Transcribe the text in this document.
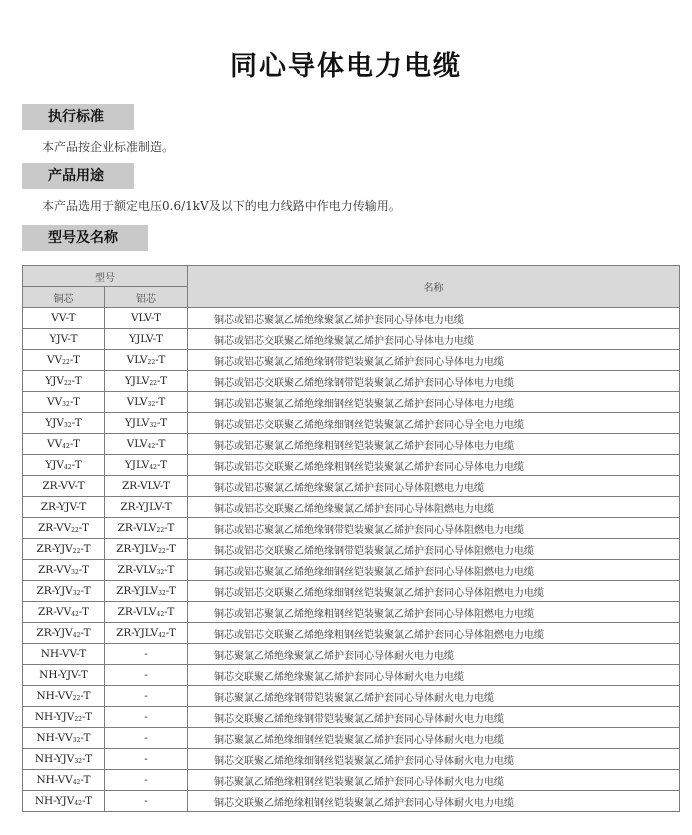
同心导体电力电缆
执行标准
本产品按企业标准制造。
产品用途
本产品选用于额定电压0.6/1kV及以下的电力线路中作电力传输用。
型号及名称
型号		名称
铜芯	铝芯	
VV-T	VLV-T	铜芯或铝芯聚氯乙烯绝缘聚氯乙烯护套同心导体电力电缆
YJV-T	YJLV-T	铜芯或铝芯交联聚乙烯绝缘聚氯乙烯护套同心导体电力电缆
$VV_{22}-T$	$VLV_{22}-T$	铜芯或铝芯聚氯乙烯绝缘钢带铠装聚氯乙烯护套同心导体电力电缆
$YJV_{22}-T$	$YJLV_{22}-T$	铜芯或铝芯交联聚乙烯绝缘钢带铠装聚氯乙烯护套同心导体电力电缆
$VV_{32}-T$	$VLV_{32}-T$	铜芯或铝芯聚氯乙烯绝缘细钢丝铠装聚氯乙烯护套同心导体电力电缆
$YJV_{32}-T$	$YJLV_{32}-T$	铜芯或铝芯交联聚乙烯绝缘细钢丝铠装聚氯乙烯护套同心导全电力电缆
$VV_{42}-T$	$VLV_{42}-T$	铜芯或铝芯聚氯乙烯绝缘粗钢丝铠装聚氯乙烯护套同心导体电力电缆
$YJV_{42}-T$	$YJLV_{42}-T$	铜芯或铝芯交联聚乙烯绝缘粗钢丝铠装聚氯乙烯护套同心导体电力电缆
ZR-VV-T	ZR-VLV-T	铜芯或铝芯聚氯乙烯绝缘聚氯乙烯护套同心导体阻燃电力电缆
ZR-YJV-T	ZR-YJLV-T	铜芯或铝芯交联聚乙烯绝缘聚氯乙烯护套同心导体阻燃电力电缆
$ZR-VV_{22}-T$	$ZR-VLV_{22}-T$	铜芯或铝芯聚氯乙烯绝缘钢带铠装聚氯乙烯护套同心导体阻燃电力电缆
$ZR-YJV_{22}-T$	$ZR-YJLV_{22}-T$	铜芯或铝芯交联聚乙烯绝缘钢带铠装聚氯乙烯护套同心导体阻燃电力电缆
$ZR-VV_{32}-T$	$ZR-VLV_{32}-T$	铜芯或铝芯聚氯乙烯绝缘细钢丝铠装聚氯乙烯护套同心导体阻燃电力电缆
$ZR-YJV_{32}-T$	$ZR-YJLV_{32}-T$	铜芯或铝芯交联聚乙烯绝缘细钢丝铠装聚氯乙烯护套同心导体阻燃电力电缆
$ZR-VV_{42}-T$	$ZR-VLV_{42}-T$	铜芯或铝芯聚氯乙烯绝缘粗钢丝铠装聚氯乙烯护套同心导体阻燃电力电缆
$ZR-YJV_{42}-T$	$ZR-YJLV_{42}-T$	铜芯或铝芯交联聚乙烯绝缘粗钢丝铠装聚氯乙烯护套同心导体阻燃电力电缆
NH-VV-T	-	铜芯聚氯乙烯绝缘聚氯乙烯护套同心导体耐火电力电缆
NH-YJV-T	-	铜芯交联聚乙烯绝缘聚氯乙烯护套同心导体耐火电力电缆
$NH-VV_{22}-T$	-	铜芯聚氯乙烯绝缘钢带铠装聚氯乙烯护套同心导体耐火电力电缆
$NH-YJV_{22}-T$	-	铜芯交联聚乙烯绝缘钢带铠装聚氯乙烯护套同心导体耐火电力电缆
$NH-VV_{32}-T$	-	铜芯聚氯乙烯绝缘细钢丝铠装聚氯乙烯护套同心导体耐火电力电缆
$NH-YJV_{32}-T$	-	铜芯交联聚乙烯绝缘细钢丝铠装聚氯乙烯护套同心导体耐火电力电缆
$NH-VV_{42}-T$	-	铜芯聚氯乙烯绝缘粗钢丝铠装聚氯乙烯护套同心导体耐火电力电缆
$NH-YJV_{42}-T$	-	铜芯交联聚乙烯绝缘粗钢丝铠装聚氯乙烯护套同心导体耐火电力电缆
